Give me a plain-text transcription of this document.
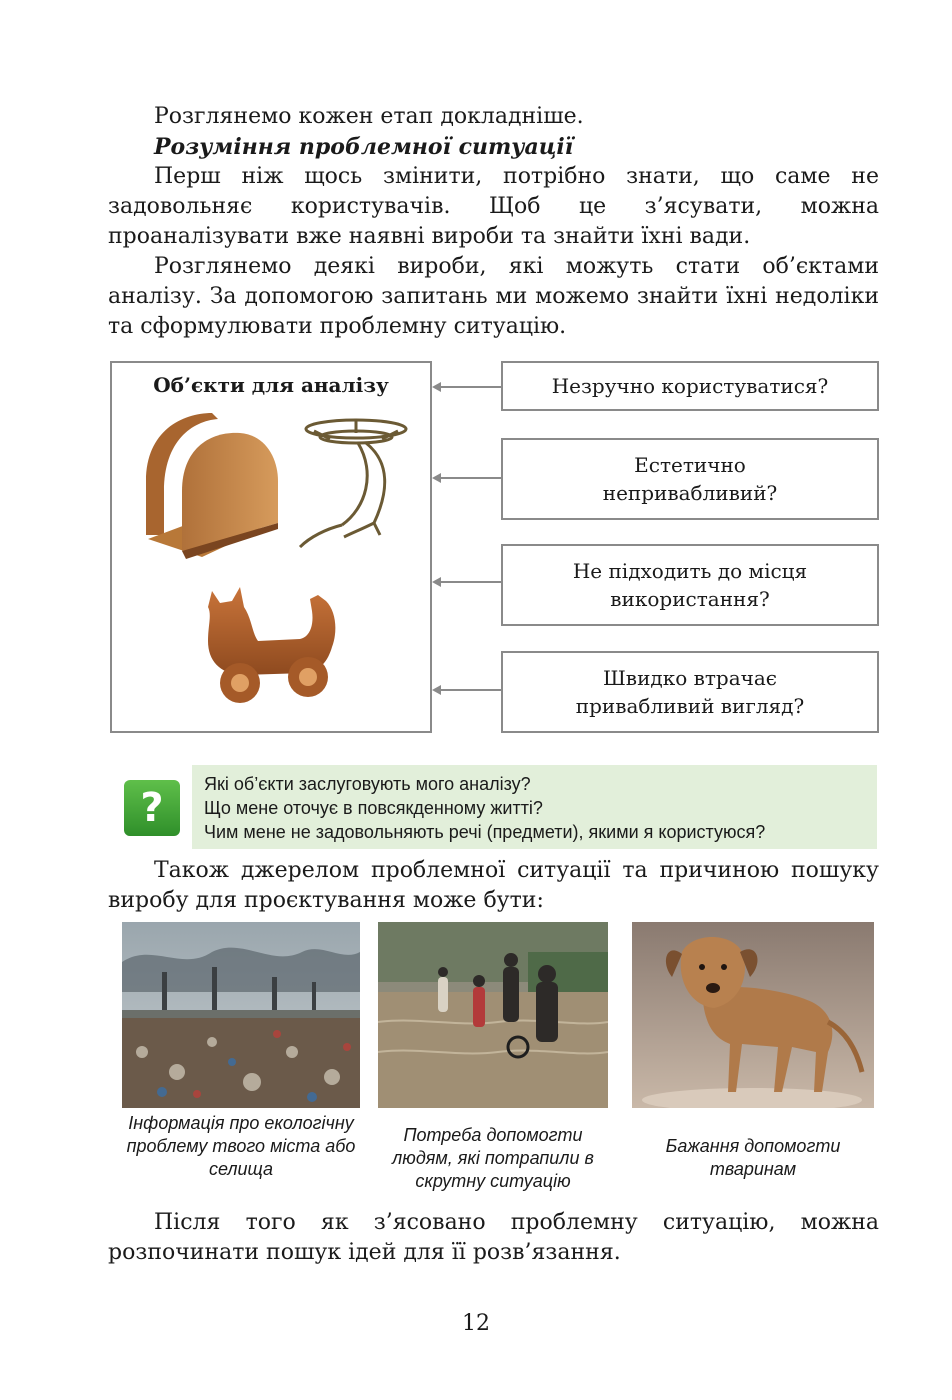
Розглянемо кожен етап докладніше.
Розуміння проблемної ситуації
Перш ніж щось змінити, потрібно знати, що саме не задовольняє користувачів. Щоб це з’ясувати, можна проаналізувати вже наявні вироби та знайти їхні вади.
Розглянемо деякі вироби, які можуть стати об’єктами аналізу. За допомогою запитань ми можемо знайти їхні недоліки та сформулювати проблемну ситуацію.
Об’єкти для аналізу	Незручно користуватися?
Естетично непривабливий?
Не підходить до місця використання?
Швидко втрачає привабливий вигляд?
?
Які об’єкти заслуговують мого аналізу?
Що мене оточує в повсякденному житті?
Чим мене не задовольняють речі (предмети), якими я користуюся?
Також джерелом проблемної ситуації та причиною пошуку виробу для проєктування може бути:
Інформація про екологічну проблему твого міста або селища
Потреба допомогти людям, які потрапили в скрутну ситуацію
Бажання допомогти тваринам
Після того як з’ясовано проблемну ситуацію, можна розпочинати пошук ідей для її розв’язання.
12
